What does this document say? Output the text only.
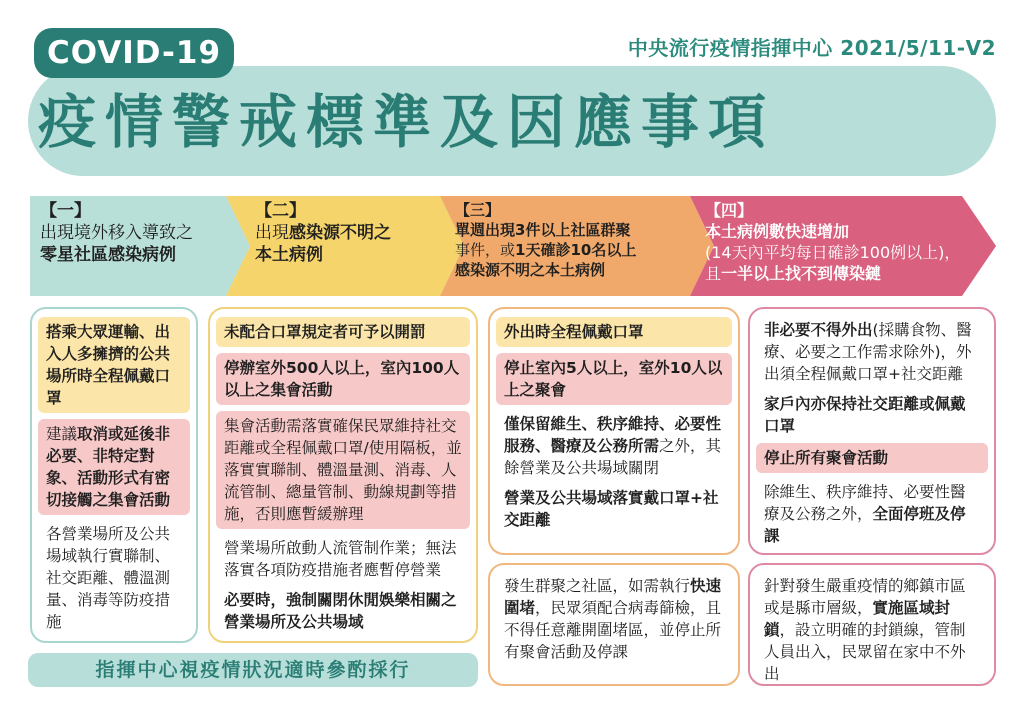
中央流行疫情指揮中心 2021/5/11-V2
COVID-19
疫情警戒標準及因應事項
【一】
出現境外移入導致之
零星社區感染病例
【二】
出現感染源不明之
本土病例
【三】
單週出現3件以上社區群聚
事件，或1天確診10名以上
感染源不明之本土病例
【四】
本土病例數快速增加
(14天內平均每日確診100例以上)，
且一半以上找不到傳染鏈
搭乘大眾運輸、出入人多擁擠的公共場所時全程佩戴口罩
建議取消或延後非必要、非特定對象、活動形式有密切接觸之集會活動
各營業場所及公共場域執行實聯制、社交距離、體溫測量、消毒等防疫措施
未配合口罩規定者可予以開罰
停辦室外500人以上，室內100人以上之集會活動
集會活動需落實確保民眾維持社交距離或全程佩戴口罩/使用隔板，並落實實聯制、體溫量測、消毒、人流管制、總量管制、動線規劃等措施，否則應暫緩辦理
營業場所啟動人流管制作業；無法落實各項防疫措施者應暫停營業
必要時，強制關閉休閒娛樂相關之營業場所及公共場域
外出時全程佩戴口罩
停止室內5人以上，室外10人以上之聚會
僅保留維生、秩序維持、必要性服務、醫療及公務所需之外，其餘營業及公共場域關閉
營業及公共場域落實戴口罩+社交距離
發生群聚之社區，如需執行快速圍堵，民眾須配合病毒篩檢，且不得任意離開圍堵區，並停止所有聚會活動及停課
非必要不得外出(採購食物、醫療、必要之工作需求除外)，外出須全程佩戴口罩+社交距離
家戶內亦保持社交距離或佩戴口罩
停止所有聚會活動
除維生、秩序維持、必要性醫療及公務之外，全面停班及停課
針對發生嚴重疫情的鄉鎮市區或是縣市層級，實施區域封鎖，設立明確的封鎖線，管制人員出入，民眾留在家中不外出
指揮中心視疫情狀況適時參酌採行
